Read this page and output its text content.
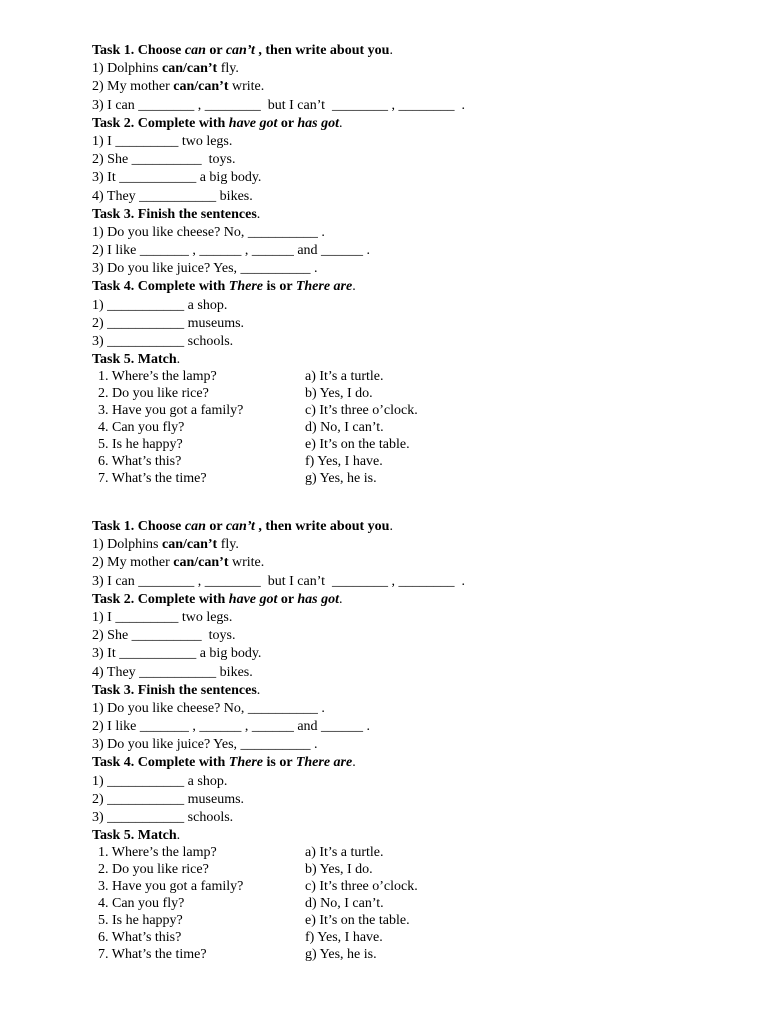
Task 1. Choose can or can’t , then write about you.
1) Dolphins can/can’t fly.
2) My mother can/can’t write.
3) I can ________ , ________  but I can’t  ________ , ________  .
Task 2. Complete with have got or has got.
1) I _________ two legs.
2) She __________  toys.
3) It ___________ a big body.
4) They ___________ bikes.
Task 3. Finish the sentences.
1) Do you like cheese? No, __________ .
2) I like _______ , ______ , ______ and ______ .
3) Do you like juice? Yes, __________ .
Task 4. Complete with There is or There are.
1) ___________ a shop.
2) ___________ museums.
3) ___________ schools.
Task 5. Match.
1. Where’s the lamp?	a) It’s a turtle.
2. Do you like rice?	b) Yes, I do.
3. Have you got a family?	c) It’s three o’clock.
4. Can you fly?	d) No, I can’t.
5. Is he happy?	e) It’s on the table.
6. What’s this?	f) Yes, I have.
7. What’s the time?	g) Yes, he is.
Task 1. Choose can or can’t , then write about you.
1) Dolphins can/can’t fly.
2) My mother can/can’t write.
3) I can ________ , ________  but I can’t  ________ , ________  .
Task 2. Complete with have got or has got.
1) I _________ two legs.
2) She __________  toys.
3) It ___________ a big body.
4) They ___________ bikes.
Task 3. Finish the sentences.
1) Do you like cheese? No, __________ .
2) I like _______ , ______ , ______ and ______ .
3) Do you like juice? Yes, __________ .
Task 4. Complete with There is or There are.
1) ___________ a shop.
2) ___________ museums.
3) ___________ schools.
Task 5. Match.
1. Where’s the lamp?	a) It’s a turtle.
2. Do you like rice?	b) Yes, I do.
3. Have you got a family?	c) It’s three o’clock.
4. Can you fly?	d) No, I can’t.
5. Is he happy?	e) It’s on the table.
6. What’s this?	f) Yes, I have.
7. What’s the time?	g) Yes, he is.
